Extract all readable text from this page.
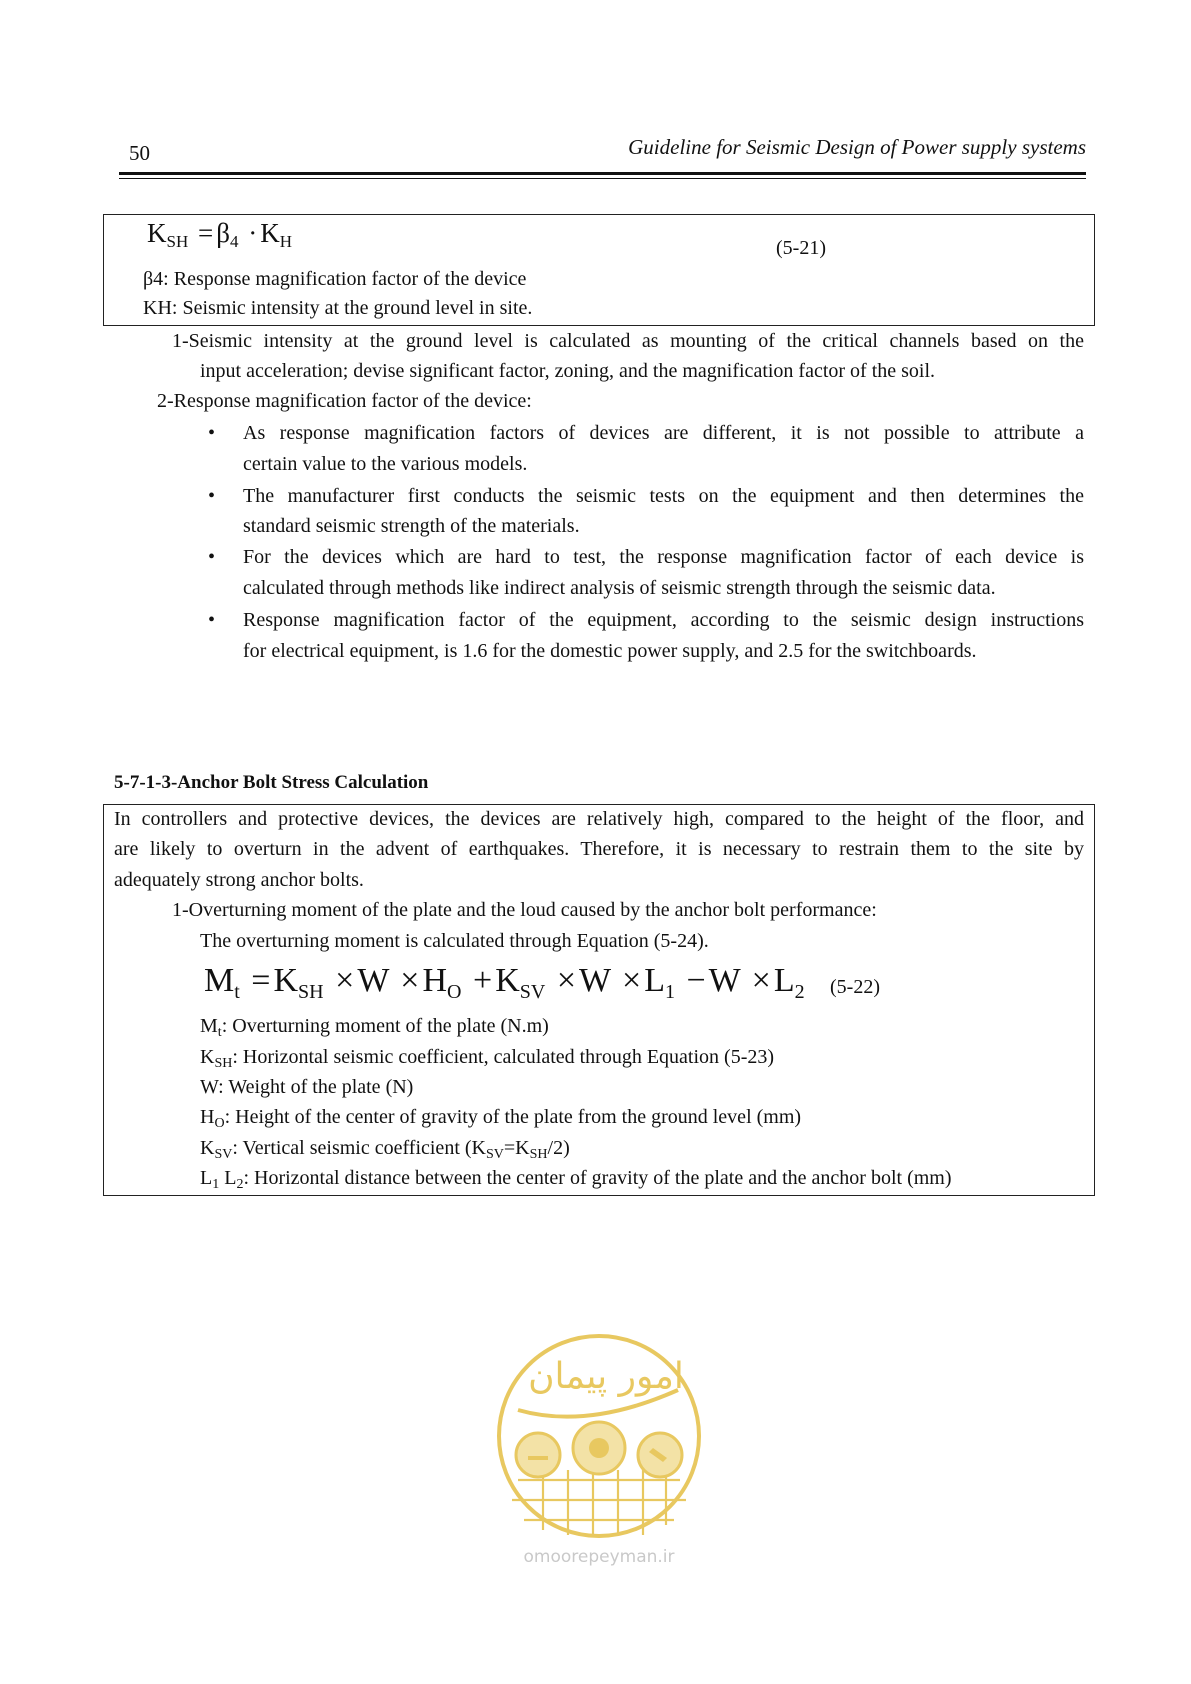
50	Guideline for Seismic Design of Power supply systems
$K_{SH} = \beta_4 \cdot K_H$	(5-21)
β4: Response magnification factor of the device
KH: Seismic intensity at the ground level in site.
1-Seismic intensity at the ground level is calculated as mounting of the critical channels based on the
input acceleration; devise significant factor, zoning, and the magnification factor of the soil.
2-Response magnification factor of the device:
• As response magnification factors of devices are different, it is not possible to attribute a
certain value to the various models.
• The manufacturer first conducts the seismic tests on the equipment and then determines the
standard seismic strength of the materials.
• For the devices which are hard to test, the response magnification factor of each device is
calculated through methods like indirect analysis of seismic strength through the seismic data.
• Response magnification factor of the equipment, according to the seismic design instructions
for electrical equipment, is 1.6 for the domestic power supply, and 2.5 for the switchboards.
5-7-1-3-Anchor Bolt Stress Calculation
In controllers and protective devices, the devices are relatively high, compared to the height of the floor, and
are likely to overturn in the advent of earthquakes. Therefore, it is necessary to restrain them to the site by
adequately strong anchor bolts.
1-Overturning moment of the plate and the loud caused by the anchor bolt performance:
The overturning moment is calculated through Equation (5-24).
$M_t =K_{SH} \times W \times H_O +K_{SV} \times W \times L_1 -W \times L_2$ (5-22)
$M_t$: Overturning moment of the plate (N.m)
$K_{SH}$: Horizontal seismic coefficient, calculated through Equation (5-23)
W: Weight of the plate (N)
$H_O$: Height of the center of gravity of the plate from the ground level (mm)
$K_{SV}$: Vertical seismic coefficient $(K_{SV}=K_{SH}/2)$
$L_1$ $L_2$: Horizontal distance between the center of gravity of the plate and the anchor bolt (mm)
امور پیمان
omoorepeyman.ir
